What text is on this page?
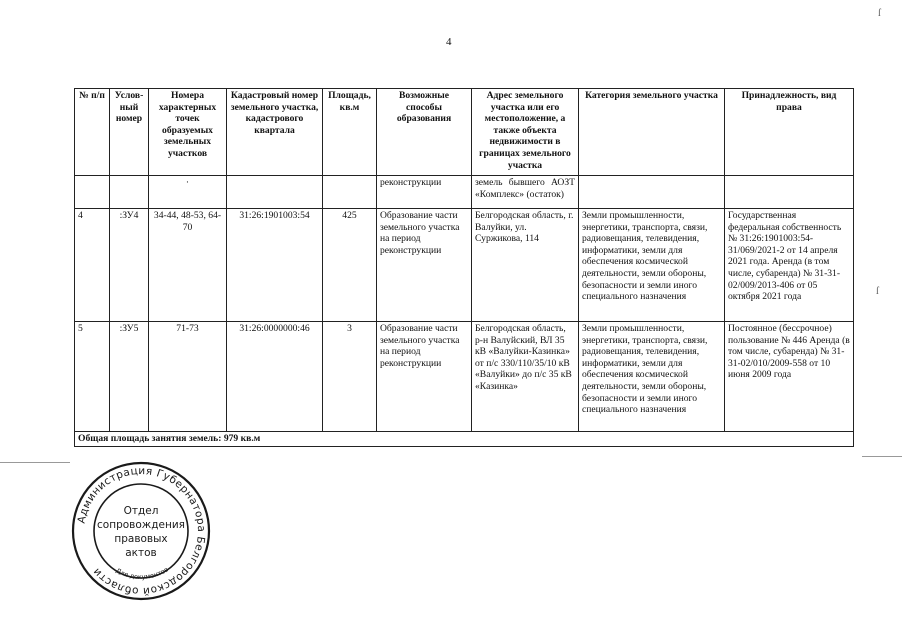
4
ſ
ſ
№ п/п	Услов-ный номер	Номера характерных точек образуемых земельных участков	Кадастровый номер земельного участка, кадастрового квартала	Площадь, кв.м	Возможные способы образования	Адрес земельного участка или его местоположение, а также объекта недвижимости в границах земельного участка	Категория земельного участка	Принадлежность, вид права
		·			реконструкции	земель бывшего АОЗТ «Комплекс» (остаток)		
4	:ЗУ4	34-44, 48-53, 64-70	31:26:1901003:54	425	Образование части земельного участка на период реконструкции	Белгородская область, г. Валуйки, ул. Суржикова, 114	Земли промышленности, энергетики, транспорта, связи, радиовещания, телевидения, информатики, земли для обеспечения космической деятельности, земли обороны, безопасности и земли иного специального назначения	Государственная федеральная собственность № 31:26:1901003:54-31/069/2021-2 от 14 апреля 2021 года. Аренда (в том числе, субаренда) № 31-31-02/009/2013-406 от 05 октября 2021 года
5	:ЗУ5	71-73	31:26:0000000:46	3	Образование части земельного участка на период реконструкции	Белгородская область, р-н Валуйский, ВЛ 35 кВ «Валуйки-Казинка» от п/с 330/110/35/10 кВ «Валуйки» до п/с 35 кВ «Казинка»	Земли промышленности, энергетики, транспорта, связи, радиовещания, телевидения, информатики, земли для обеспечения космической деятельности, земли обороны, безопасности и земли иного специального назначения	Постоянное (бессрочное) пользование № 446 Аренда (в том числе, субаренда) № 31-31-02/010/2009-558 от 10 июня 2009 года
Общая площадь занятия земель: 979 кв.м								
Администрация Губернатора Белгородской области	Для документов
Отдел
сопровождения
правовых
актов
